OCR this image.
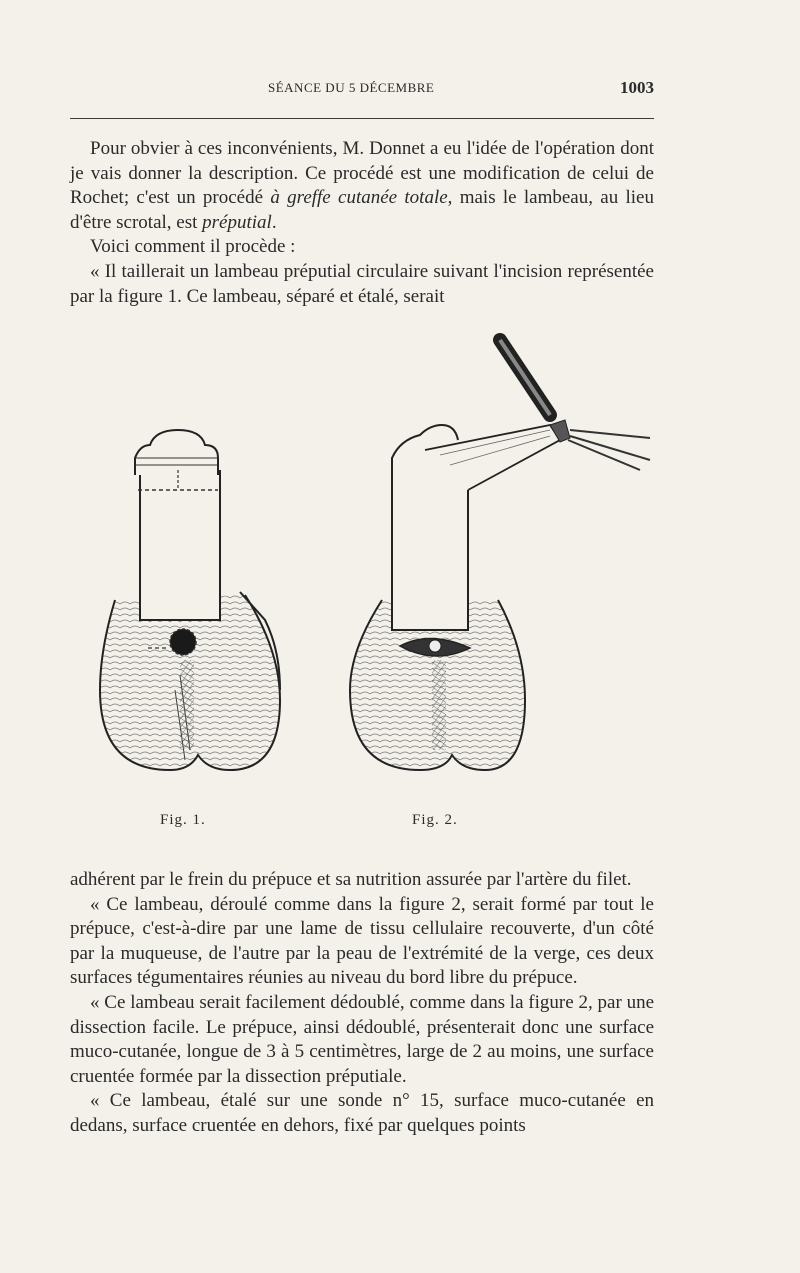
SÉANCE DU 5 DÉCEMBRE	1003

Pour obvier à ces inconvénients, M. Donnet a eu l'idée de l'opération dont je vais donner la description. Ce procédé est une modification de celui de Rochet; c'est un procédé à greffe cutanée totale, mais le lambeau, au lieu d'être scrotal, est préputial.

Voici comment il procède :

« Il taillerait un lambeau préputial circulaire suivant l'incision représentée par la figure 1. Ce lambeau, séparé et étalé, serait

Fig. 1.	Fig. 2.

adhérent par le frein du prépuce et sa nutrition assurée par l'artère du filet.

« Ce lambeau, déroulé comme dans la figure 2, serait formé par tout le prépuce, c'est-à-dire par une lame de tissu cellulaire recouverte, d'un côté par la muqueuse, de l'autre par la peau de l'extrémité de la verge, ces deux surfaces tégumentaires réunies au niveau du bord libre du prépuce.

« Ce lambeau serait facilement dédoublé, comme dans la figure 2, par une dissection facile. Le prépuce, ainsi dédoublé, présenterait donc une surface muco-cutanée, longue de 3 à 5 centimètres, large de 2 au moins, une surface cruentée formée par la dissection préputiale.

« Ce lambeau, étalé sur une sonde n° 15, surface muco-cutanée en dedans, surface cruentée en dehors, fixé par quelques points
